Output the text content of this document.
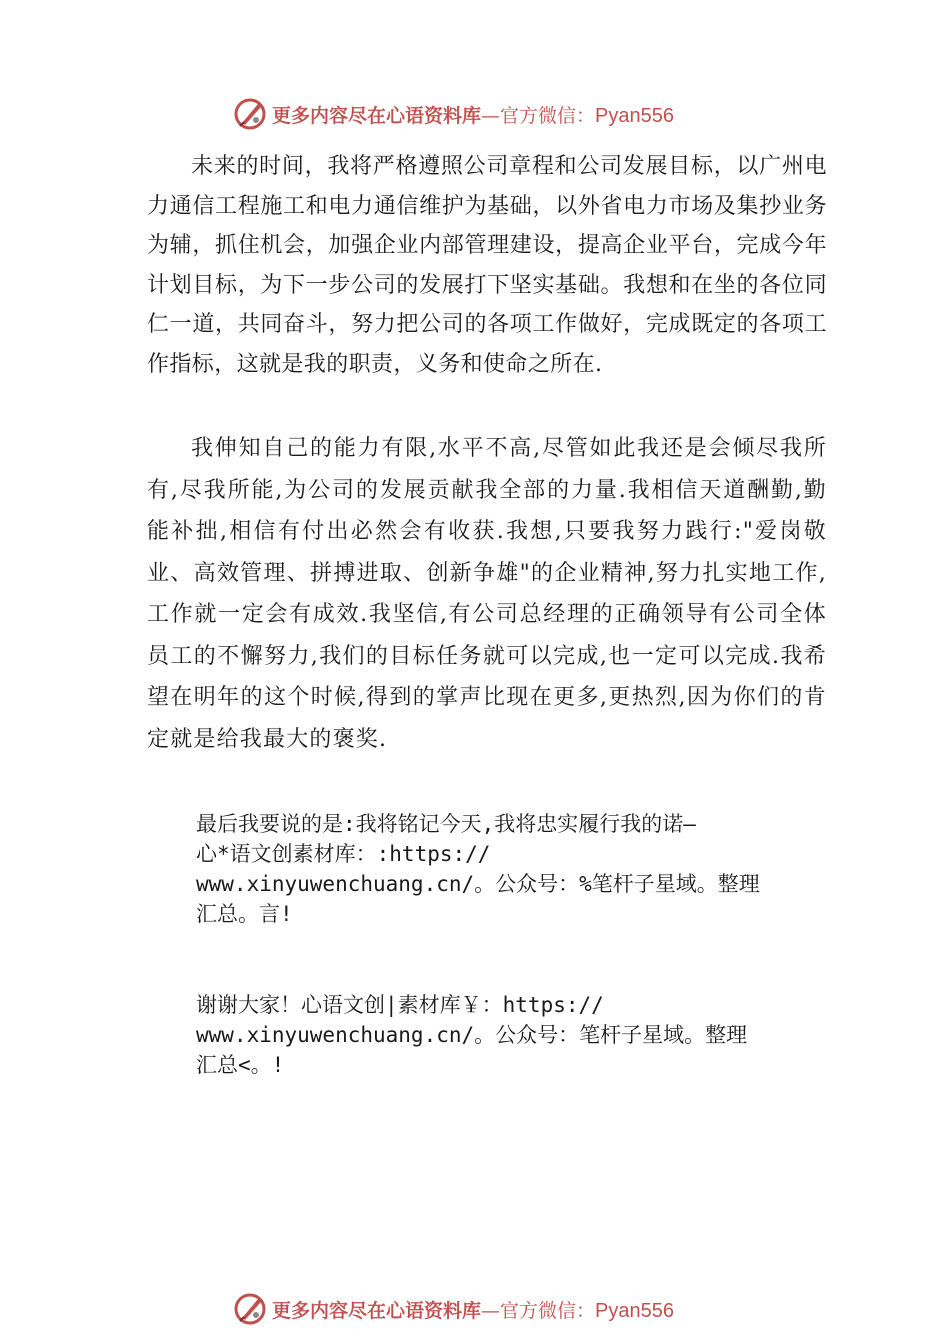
更多内容尽在心语资料库—官方微信：Pyan556

未来的时间，我将严格遵照公司章程和公司发展目标，以广州电力通信工程施工和电力通信维护为基础，以外省电力市场及集抄业务为辅，抓住机会，加强企业内部管理建设，提高企业平台，完成今年计划目标，为下一步公司的发展打下坚实基础。我想和在坐的各位同仁一道，共同奋斗，努力把公司的各项工作做好，完成既定的各项工作指标，这就是我的职责，义务和使命之所在.

我伸知自己的能力有限,水平不高,尽管如此我还是会倾尽我所有,尽我所能,为公司的发展贡献我全部的力量.我相信天道酬勤,勤能补拙,相信有付出必然会有收获.我想,只要我努力践行:"爱岗敬业、高效管理、拼搏进取、创新争雄"的企业精神,努力扎实地工作,工作就一定会有成效.我坚信,有公司总经理的正确领导有公司全体员工的不懈努力,我们的目标任务就可以完成,也一定可以完成.我希望在明年的这个时候,得到的掌声比现在更多,更热烈,因为你们的肯定就是给我最大的褒奖.

最后我要说的是:我将铭记今天,我将忠实履行我的诺—

心*语文创素材库：:https://

www.xinyuwenchuang.cn/。公众号：%笔杆子星域。整理

汇总。言!

谢谢大家！心语文创|素材库￥：https://

www.xinyuwenchuang.cn/。公众号：笔杆子星域。整理

汇总<。!

更多内容尽在心语资料库—官方微信：Pyan556
